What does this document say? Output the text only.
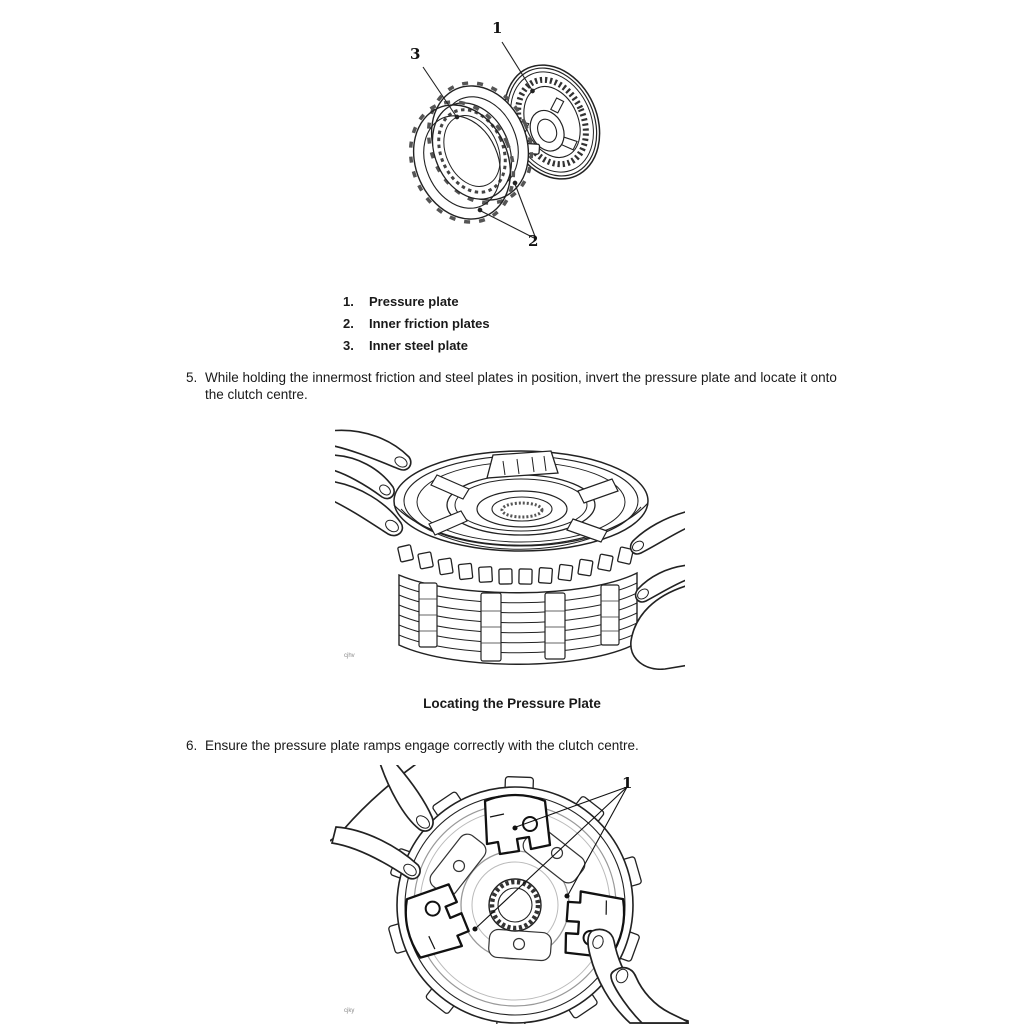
1
3
2
1.	Pressure plate
2.	Inner friction plates
3.	Inner steel plate
5. While holding the innermost friction and steel plates in position, invert the pressure plate and locate it onto the clutch centre.
cjhv
Locating the Pressure Plate
6. Ensure the pressure plate ramps engage correctly with the clutch centre.
1
cjky
